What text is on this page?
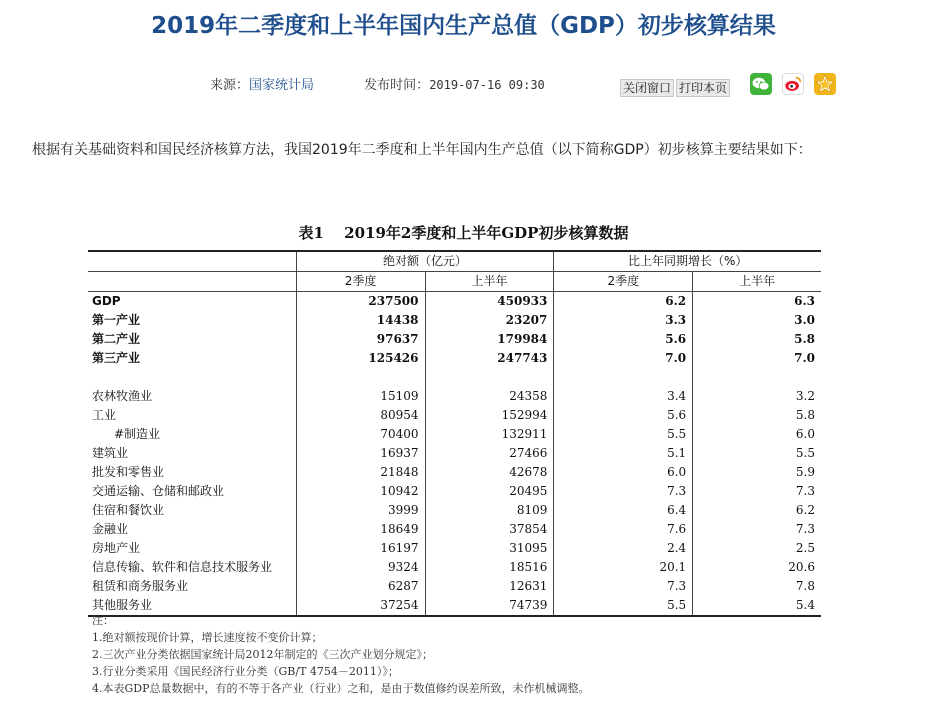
2019年二季度和上半年国内生产总值（GDP）初步核算结果
来源：国家统计局	发布时间：2019-07-16 09:30	关闭窗口 打印本页

根据有关基础资料和国民经济核算方法，我国2019年二季度和上半年国内生产总值（以下简称GDP）初步核算主要结果如下：

表1　 2019年2季度和上半年GDP初步核算数据
	绝对额（亿元）		比上年同期增长（%）	
	2季度	上半年	2季度	上半年
GDP	237500	450933	6.2	6.3
第一产业	14438	23207	3.3	3.0
第二产业	97637	179984	5.6	5.8
第三产业	125426	247743	7.0	7.0

农林牧渔业	15109	24358	3.4	3.2
工业	80954	152994	5.6	5.8
#制造业	70400	132911	5.5	6.0
建筑业	16937	27466	5.1	5.5
批发和零售业	21848	42678	6.0	5.9
交通运输、仓储和邮政业	10942	20495	7.3	7.3
住宿和餐饮业	3999	8109	6.4	6.2
金融业	18649	37854	7.6	7.3
房地产业	16197	31095	2.4	2.5
信息传输、软件和信息技术服务业	9324	18516	20.1	20.6
租赁和商务服务业	6287	12631	7.3	7.8
其他服务业	37254	74739	5.5	5.4
注：
1.绝对额按现价计算，增长速度按不变价计算；
2.三次产业分类依据国家统计局2012年制定的《三次产业划分规定》；
3.行业分类采用《国民经济行业分类（GB/T 4754－2011）》；
4.本表GDP总量数据中，有的不等于各产业（行业）之和，是由于数值修约误差所致，未作机械调整。
